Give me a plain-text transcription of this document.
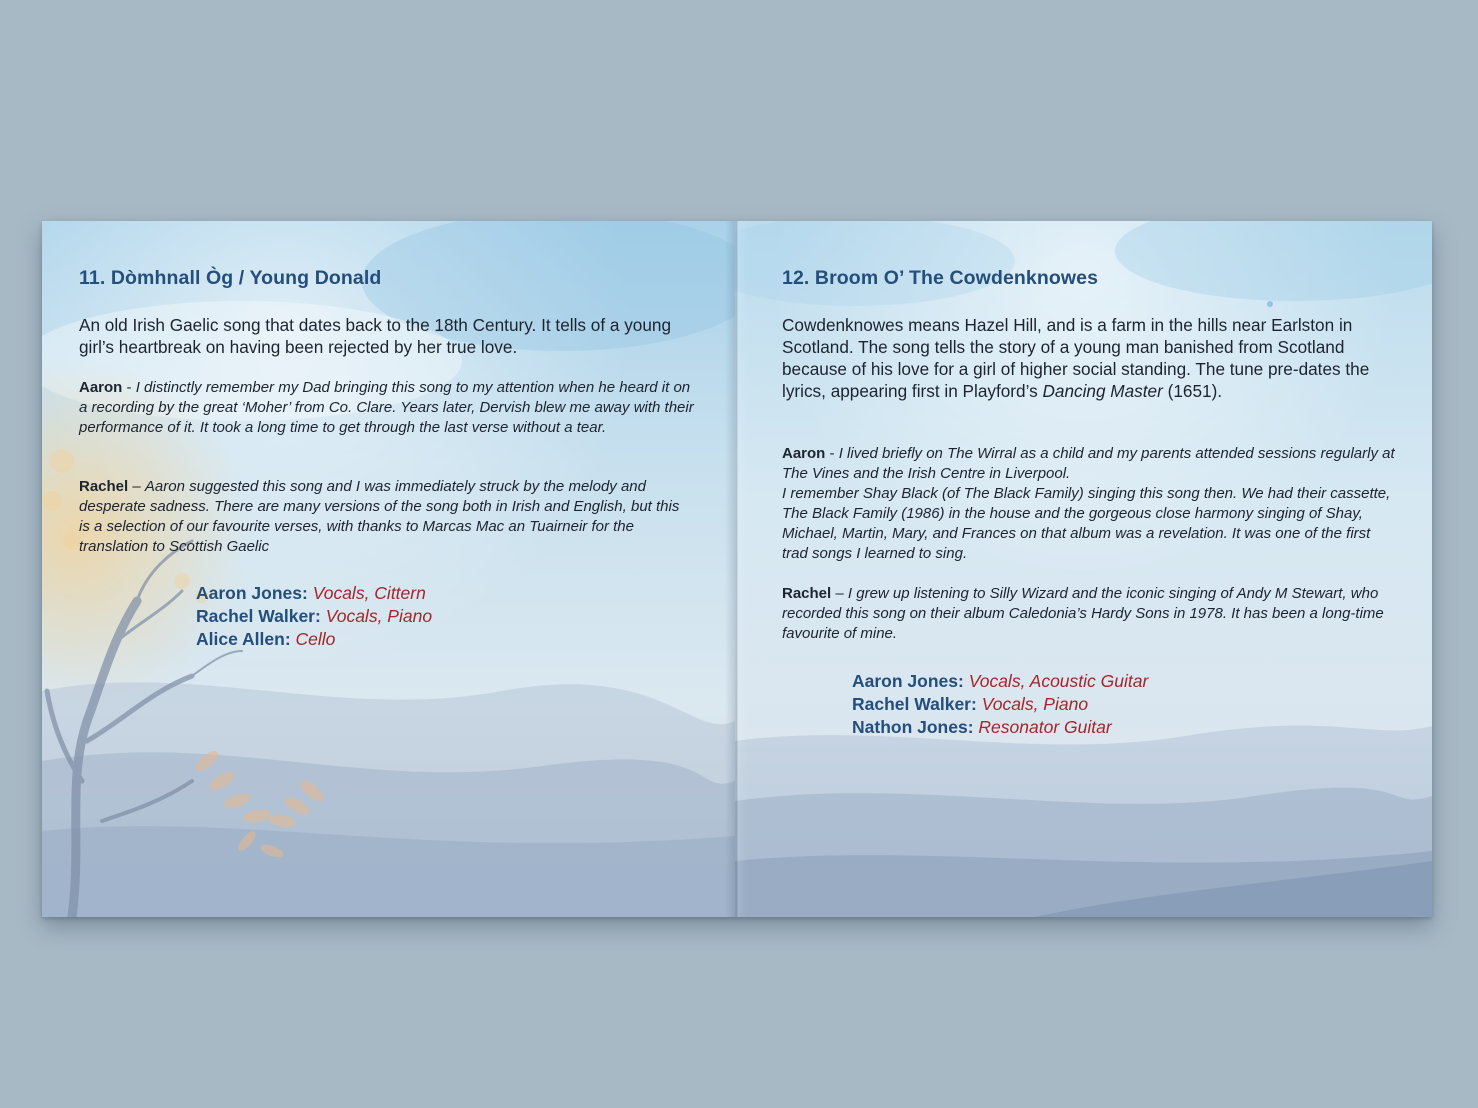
11. Dòmhnall Òg / Young Donald

An old Irish Gaelic song that dates back to the 18th Century. It tells of a young girl’s heartbreak on having been rejected by her true love.

Aaron - I distinctly remember my Dad bringing this song to my attention when he heard it on a recording by the great ‘Moher’ from Co. Clare. Years later, Dervish blew me away with their performance of it. It took a long time to get through the last verse without a tear.

Rachel – Aaron suggested this song and I was immediately struck by the melody and desperate sadness. There are many versions of the song both in Irish and English, but this is a selection of our favourite verses, with thanks to Marcas Mac an Tuairneir for the translation to Scottish Gaelic

Aaron Jones: Vocals, Cittern
Rachel Walker: Vocals, Piano
Alice Allen: Cello
12. Broom O’ The Cowdenknowes

Cowdenknowes means Hazel Hill, and is a farm in the hills near Earlston in Scotland. The song tells the story of a young man banished from Scotland because of his love for a girl of higher social standing. The tune pre-dates the lyrics, appearing first in Playford’s Dancing Master (1651).

Aaron - I lived briefly on The Wirral as a child and my parents attended sessions regularly at The Vines and the Irish Centre in Liverpool.
I remember Shay Black (of The Black Family) singing this song then. We had their cassette, The Black Family (1986) in the house and the gorgeous close harmony singing of Shay, Michael, Martin, Mary, and Frances on that album was a revelation. It was one of the first trad songs I learned to sing.

Rachel – I grew up listening to Silly Wizard and the iconic singing of Andy M Stewart, who recorded this song on their album Caledonia’s Hardy Sons in 1978. It has been a long-time favourite of mine.

Aaron Jones: Vocals, Acoustic Guitar
Rachel Walker: Vocals, Piano
Nathon Jones: Resonator Guitar
